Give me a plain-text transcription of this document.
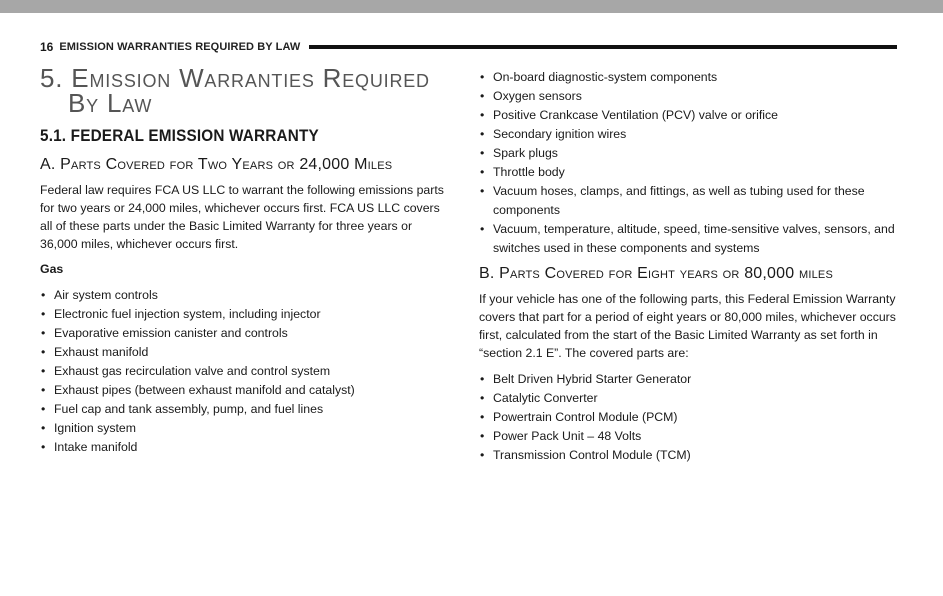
16 EMISSION WARRANTIES REQUIRED BY LAW
5. Emission Warranties Required
By Law
5.1. FEDERAL EMISSION WARRANTY
A. Parts Covered for Two Years or 24,000 Miles

Federal law requires FCA US LLC to warrant the following emissions parts for two years or 24,000 miles, whichever occurs first. FCA US LLC covers all of these parts under the Basic Limited Warranty for three years or 36,000 miles, whichever occurs first.

Gas

• Air system controls
• Electronic fuel injection system, including injector
• Evaporative emission canister and controls
• Exhaust manifold
• Exhaust gas recirculation valve and control system
• Exhaust pipes (between exhaust manifold and catalyst)
• Fuel cap and tank assembly, pump, and fuel lines
• Ignition system
• Intake manifold
• On-board diagnostic-system components
• Oxygen sensors
• Positive Crankcase Ventilation (PCV) valve or orifice
• Secondary ignition wires
• Spark plugs
• Throttle body
• Vacuum hoses, clamps, and fittings, as well as tubing used for these components
• Vacuum, temperature, altitude, speed, time-sensitive valves, sensors, and switches used in these components and systems
B. Parts Covered for Eight years or 80,000 miles

If your vehicle has one of the following parts, this Federal Emission Warranty covers that part for a period of eight years or 80,000 miles, whichever occurs first, calculated from the start of the Basic Limited Warranty as set forth in “section 2.1 E”. The covered parts are:

• Belt Driven Hybrid Starter Generator
• Catalytic Converter
• Powertrain Control Module (PCM)
• Power Pack Unit – 48 Volts
• Transmission Control Module (TCM)
